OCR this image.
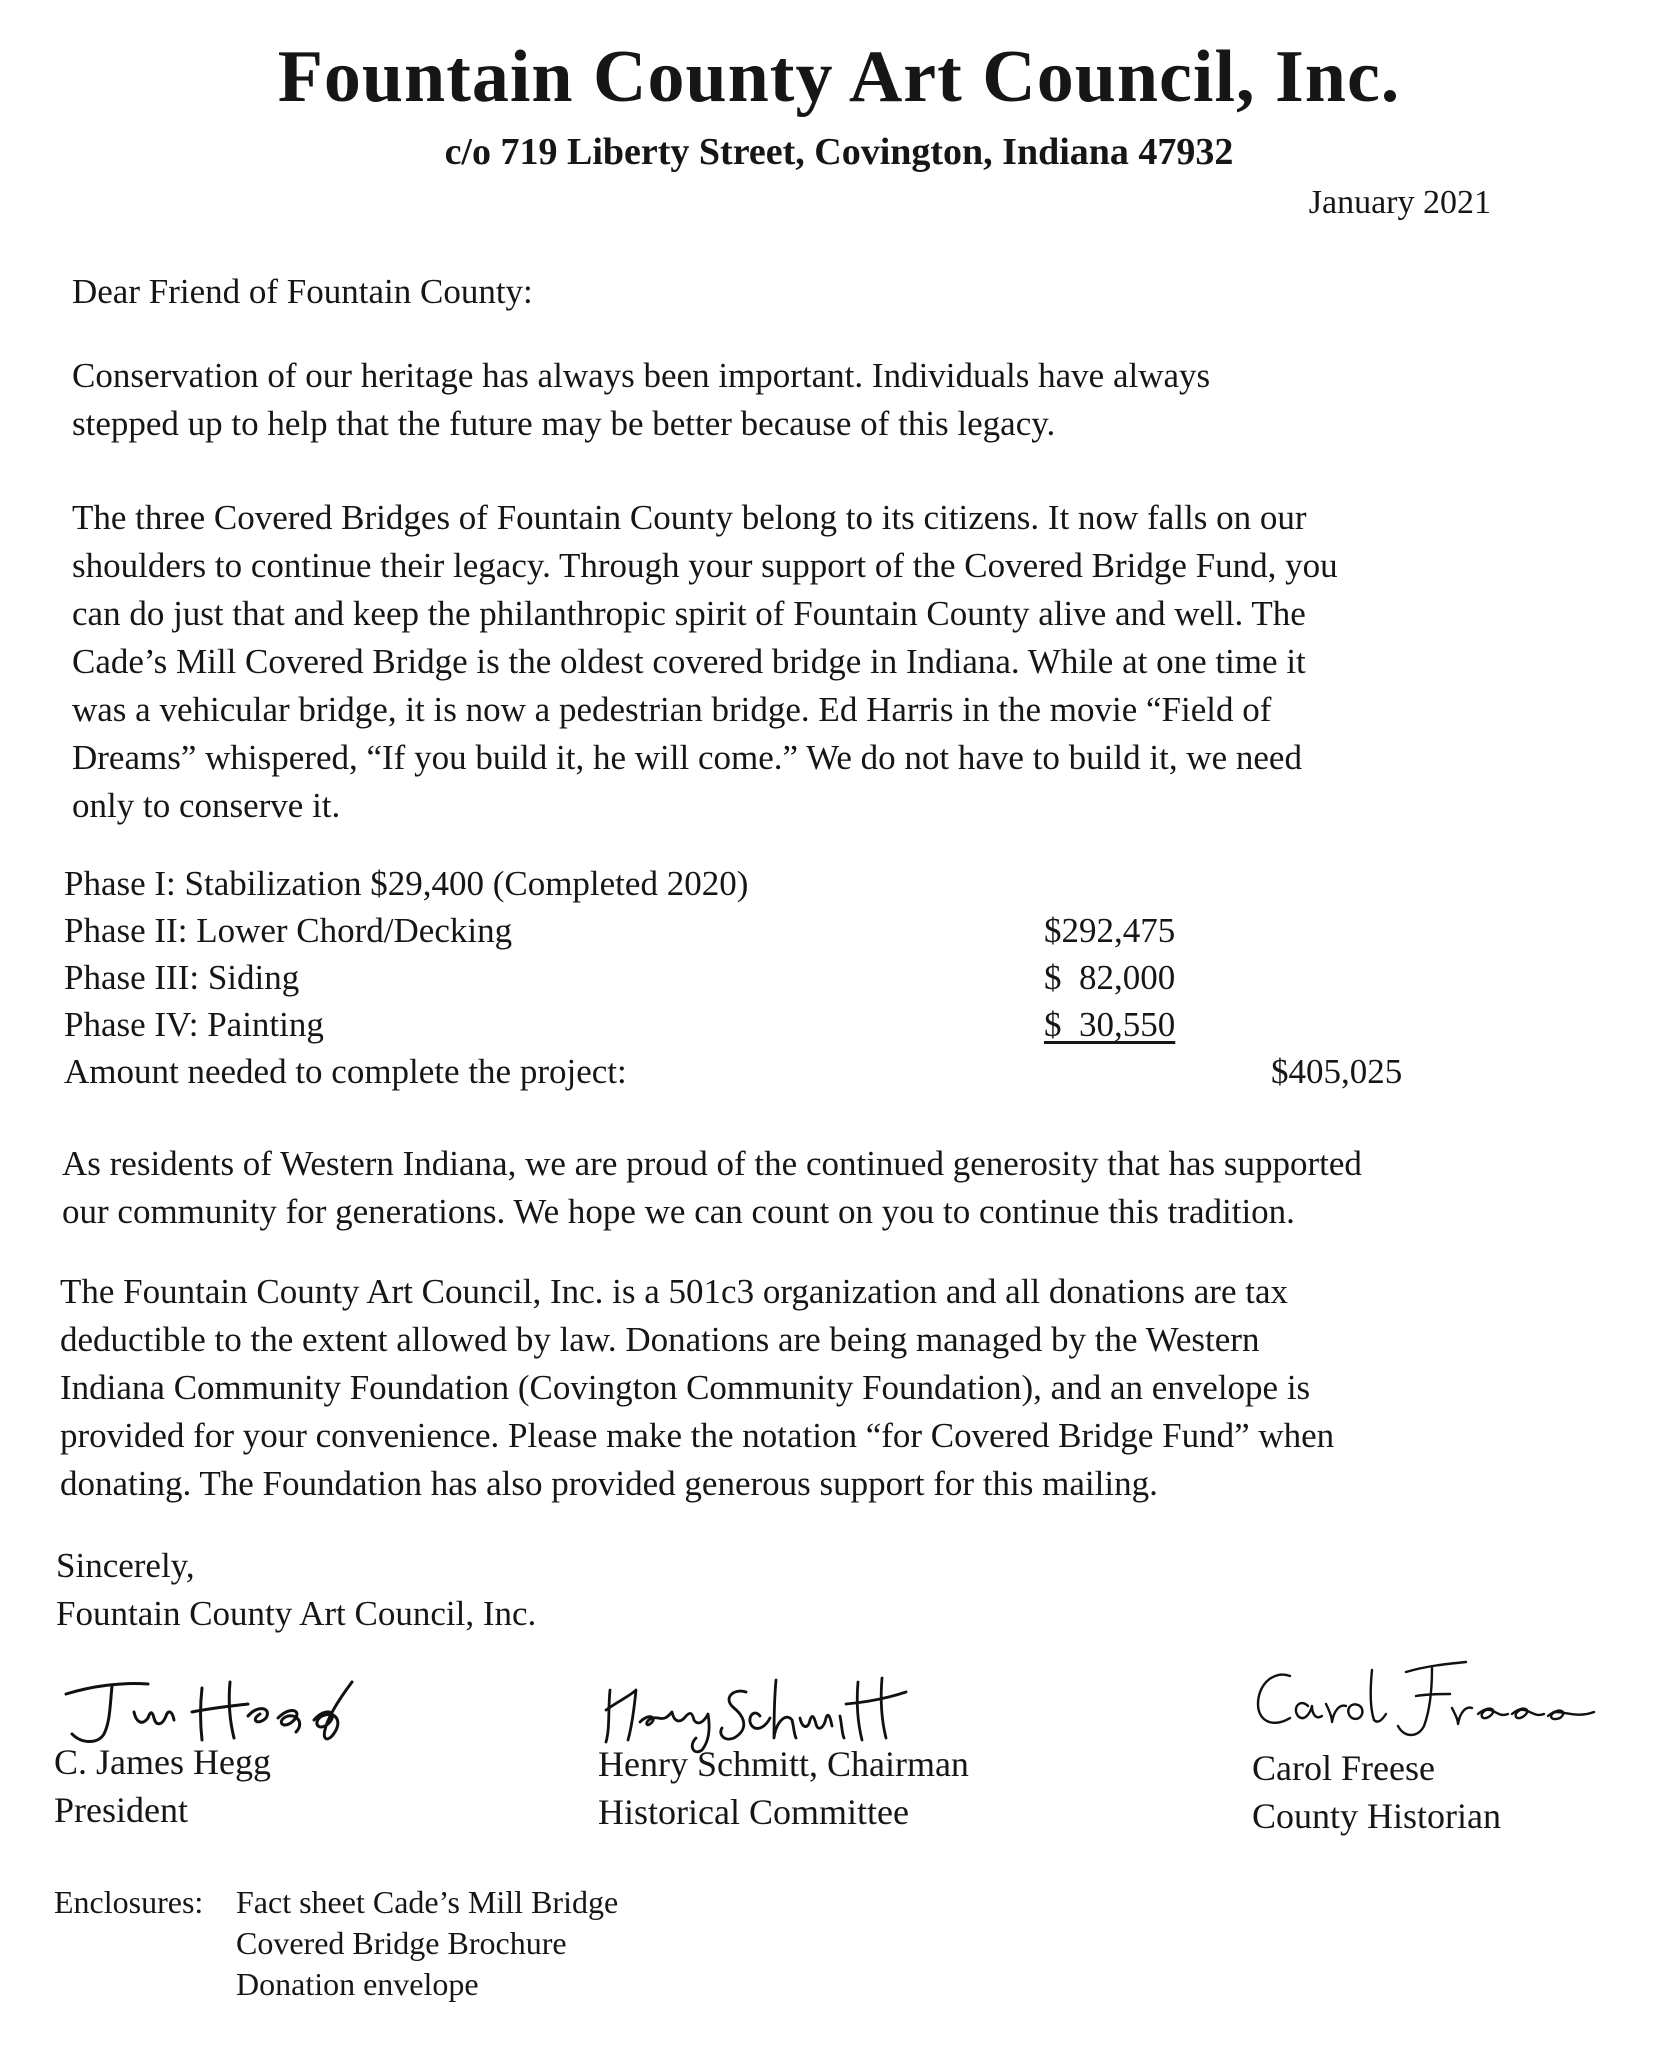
Fountain County Art Council, Inc.
c/o 719 Liberty Street, Covington, Indiana 47932
January 2021
Dear Friend of Fountain County:
Conservation of our heritage has always been important. Individuals have always
stepped up to help that the future may be better because of this legacy.
The three Covered Bridges of Fountain County belong to its citizens. It now falls on our
shoulders to continue their legacy. Through your support of the Covered Bridge Fund, you
can do just that and keep the philanthropic spirit of Fountain County alive and well. The
Cade’s Mill Covered Bridge is the oldest covered bridge in Indiana. While at one time it
was a vehicular bridge, it is now a pedestrian bridge. Ed Harris in the movie “Field of
Dreams” whispered, “If you build it, he will come.” We do not have to build it, we need
only to conserve it.
Phase I: Stabilization $29,400 (Completed 2020)
Phase II: Lower Chord/Decking	$292,475
Phase III: Siding	$  82,000
Phase IV: Painting	$  30,550
Amount needed to complete the project:	$405,025
As residents of Western Indiana, we are proud of the continued generosity that has supported
our community for generations. We hope we can count on you to continue this tradition.
The Fountain County Art Council, Inc. is a 501c3 organization and all donations are tax
deductible to the extent allowed by law. Donations are being managed by the Western
Indiana Community Foundation (Covington Community Foundation), and an envelope is
provided for your convenience. Please make the notation “for Covered Bridge Fund” when
donating. The Foundation has also provided generous support for this mailing.
Sincerely,
Fountain County Art Council, Inc.
C. James Hegg
President
Henry Schmitt, Chairman
Historical Committee
Carol Freese
County Historian
Enclosures: Fact sheet Cade’s Mill Bridge
Covered Bridge Brochure
Donation envelope
